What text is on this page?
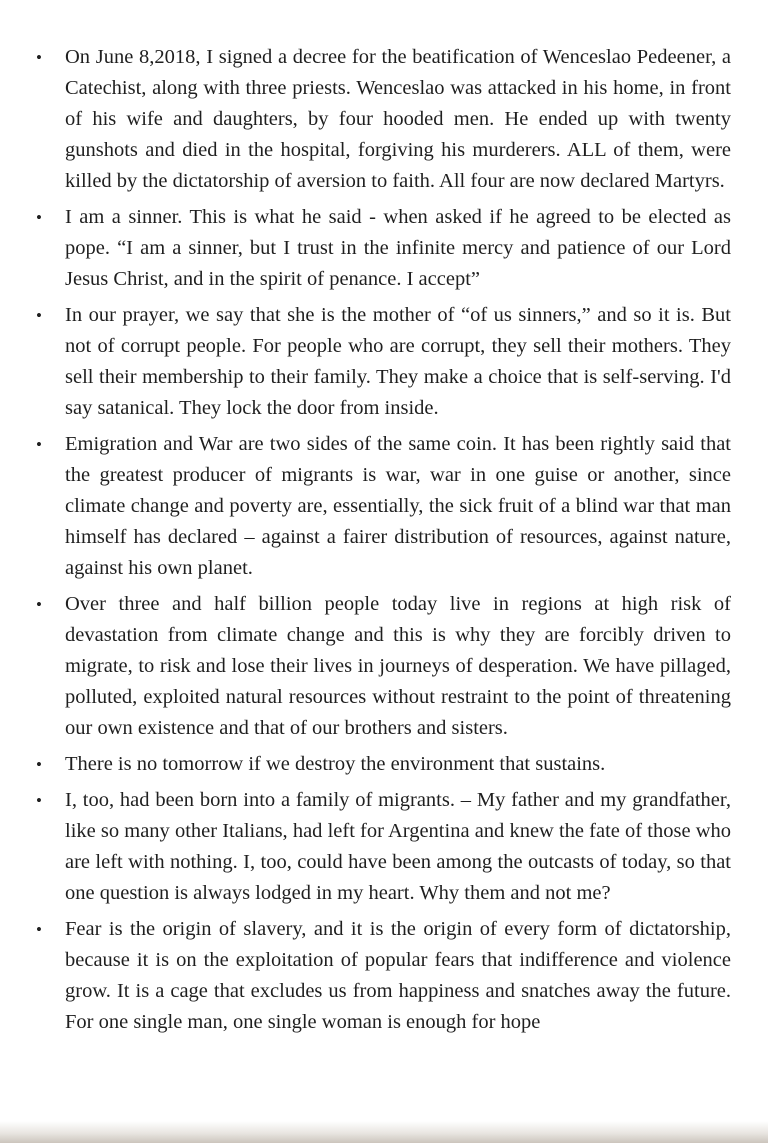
• On June 8,2018, I signed a decree for the beatification of Wenceslao Pedeener, a Catechist, along with three priests. Wenceslao was attacked in his home, in front of his wife and daughters, by four hooded men. He ended up with twenty gunshots and died in the hospital, forgiving his murderers. ALL of them, were killed by the dictatorship of aversion to faith. All four are now declared Martyrs.
• I am a sinner. This is what he said - when asked if he agreed to be elected as pope. “I am a sinner, but I trust in the infinite mercy and patience of our Lord Jesus Christ, and in the spirit of penance. I accept”
• In our prayer, we say that she is the mother of “of us sinners,” and so it is. But not of corrupt people. For people who are corrupt, they sell their mothers. They sell their membership to their family. They make a choice that is self-serving. I'd say satanical. They lock the door from inside.
• Emigration and War are two sides of the same coin. It has been rightly said that the greatest producer of migrants is war, war in one guise or another, since climate change and poverty are, essentially, the sick fruit of a blind war that man himself has declared – against a fairer distribution of resources, against nature, against his own planet.
• Over three and half billion people today live in regions at high risk of devastation from climate change and this is why they are forcibly driven to migrate, to risk and lose their lives in journeys of desperation. We have pillaged, polluted, exploited natural resources without restraint to the point of threatening our own existence and that of our brothers and sisters.
• There is no tomorrow if we destroy the environment that sustains.
• I, too, had been born into a family of migrants. – My father and my grandfather, like so many other Italians, had left for Argentina and knew the fate of those who are left with nothing. I, too, could have been among the outcasts of today, so that one question is always lodged in my heart. Why them and not me?
• Fear is the origin of slavery, and it is the origin of every form of dictatorship, because it is on the exploitation of popular fears that indifference and violence grow. It is a cage that excludes us from happiness and snatches away the future. For one single man, one single woman is enough for hope
